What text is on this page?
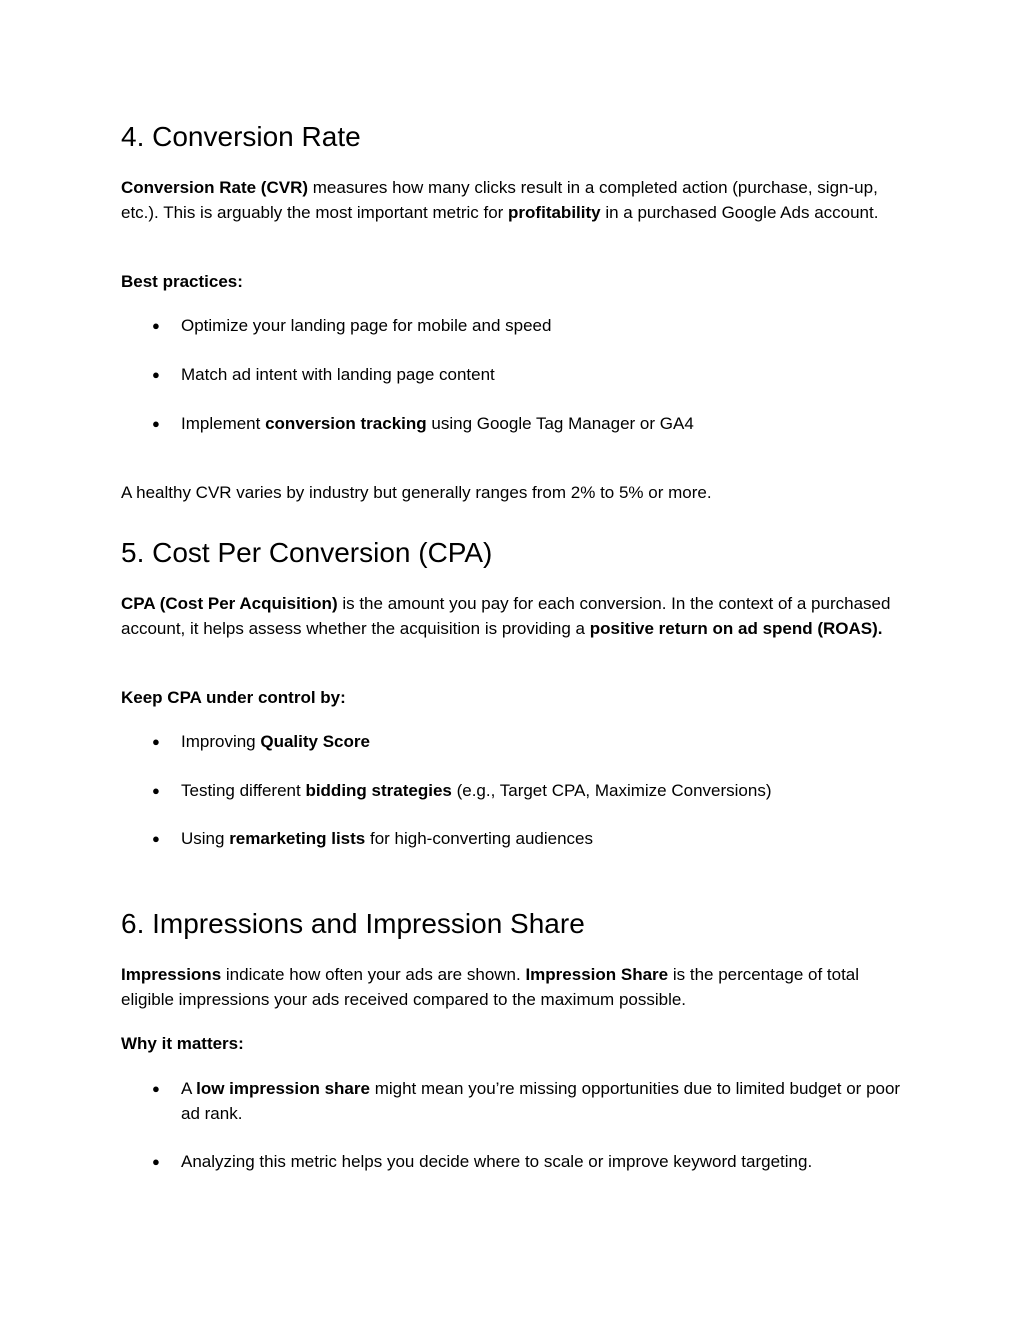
4. Conversion Rate

Conversion Rate (CVR) measures how many clicks result in a completed action (purchase, sign-up, etc.). This is arguably the most important metric for profitability in a purchased Google Ads account.

Best practices:

● Optimize your landing page for mobile and speed
● Match ad intent with landing page content
● Implement conversion tracking using Google Tag Manager or GA4

A healthy CVR varies by industry but generally ranges from 2% to 5% or more.

5. Cost Per Conversion (CPA)

CPA (Cost Per Acquisition) is the amount you pay for each conversion. In the context of a purchased account, it helps assess whether the acquisition is providing a positive return on ad spend (ROAS).

Keep CPA under control by:

● Improving Quality Score
● Testing different bidding strategies (e.g., Target CPA, Maximize Conversions)
● Using remarketing lists for high-converting audiences
6. Impressions and Impression Share

Impressions indicate how often your ads are shown. Impression Share is the percentage of total eligible impressions your ads received compared to the maximum possible.

Why it matters:

● A low impression share might mean you’re missing opportunities due to limited budget or poor ad rank.
● Analyzing this metric helps you decide where to scale or improve keyword targeting.
